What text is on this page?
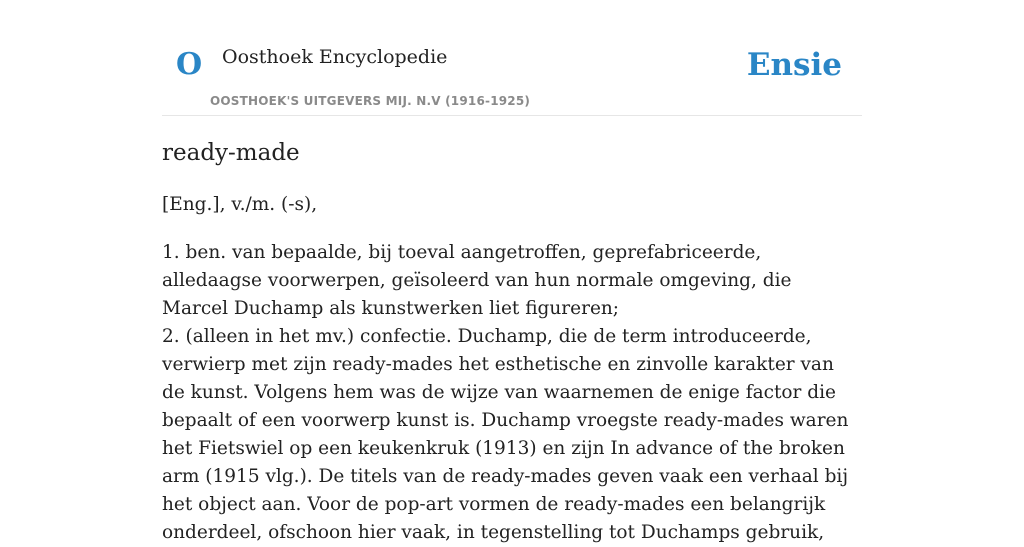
O Oosthoek Encyclopedie
OOSTHOEK'S UITGEVERS MIJ. N.V (1916-1925)
Ensie
ready-made
[Eng.], v./m. (-s),

1. ben. van bepaalde, bij toeval aangetroffen, geprefabriceerde, alledaagse voorwerpen, geïsoleerd van hun normale omgeving, die Marcel Duchamp als kunstwerken liet figureren;

2. (alleen in het mv.) confectie. Duchamp, die de term introduceerde, verwierp met zijn ready-mades het esthetische en zinvolle karakter van de kunst. Volgens hem was de wijze van waarnemen de enige factor die bepaalt of een voorwerp kunst is. Duchamp vroegste ready-mades waren het Fietswiel op een keukenkruk (1913) en zijn In advance of the broken arm (1915 vlg.). De titels van de ready-mades geven vaak een verhaal bij het object aan. Voor de pop-art vormen de ready-mades een belangrijk onderdeel, ofschoon hier vaak, in tegenstelling tot Duchamps gebruik,
